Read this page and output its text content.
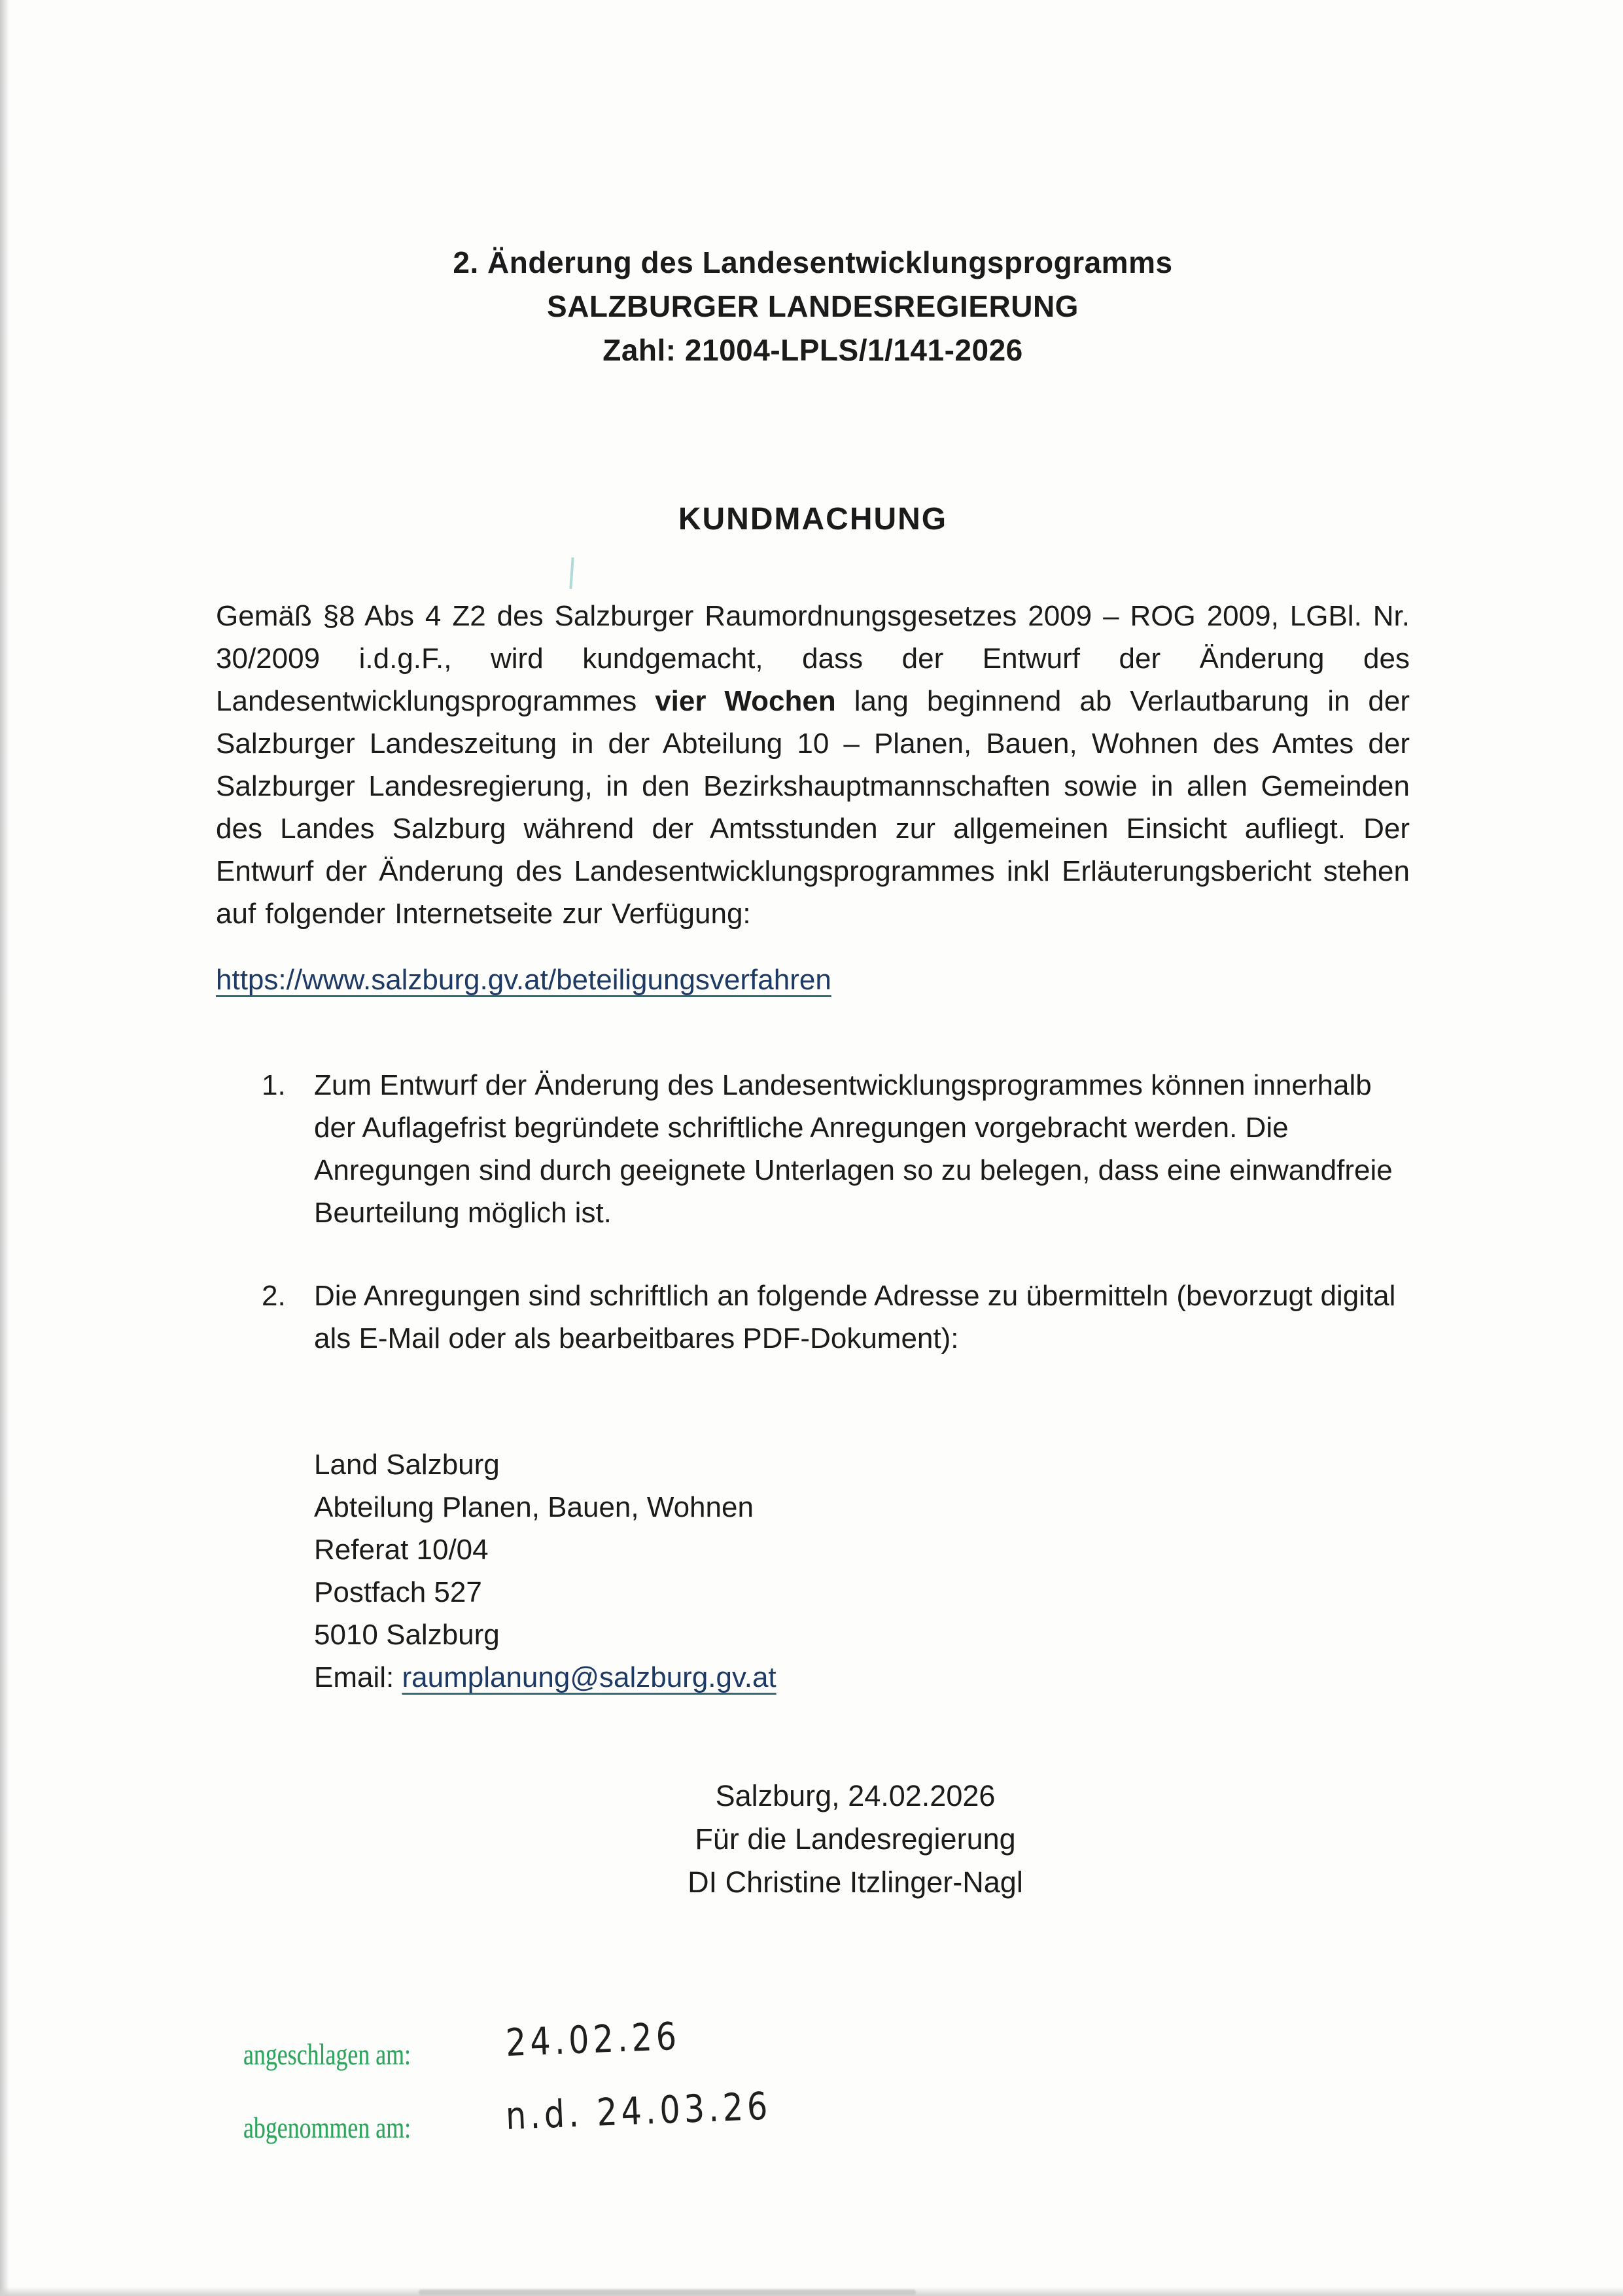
2. Änderung des Landesentwicklungsprogramms
SALZBURGER LANDESREGIERUNG
Zahl: 21004-LPLS/1/141-2026
KUNDMACHUNG

Gemäß §8 Abs 4 Z2 des Salzburger Raumordnungsgesetzes 2009 – ROG 2009, LGBl. Nr. 30/2009 i.d.g.F., wird kundgemacht, dass der Entwurf der Änderung des Landesentwicklungsprogrammes vier Wochen lang beginnend ab Verlautbarung in der Salzburger Landeszeitung in der Abteilung 10 – Planen, Bauen, Wohnen des Amtes der Salzburger Landesregierung, in den Bezirkshauptmannschaften sowie in allen Gemeinden des Landes Salzburg während der Amtsstunden zur allgemeinen Einsicht aufliegt. Der Entwurf der Änderung des Landesentwicklungsprogrammes inkl Erläuterungsbericht stehen auf folgender Internetseite zur Verfügung:

https://www.salzburg.gv.at/beteiligungsverfahren

1. Zum Entwurf der Änderung des Landesentwicklungsprogrammes können innerhalb der Auflagefrist begründete schriftliche Anregungen vorgebracht werden. Die Anregungen sind durch geeignete Unterlagen so zu belegen, dass eine einwandfreie Beurteilung möglich ist.
2. Die Anregungen sind schriftlich an folgende Adresse zu übermitteln (bevorzugt digital als E-Mail oder als bearbeitbares PDF-Dokument):
Land Salzburg
Abteilung Planen, Bauen, Wohnen
Referat 10/04
Postfach 527
5010 Salzburg
Email: raumplanung@salzburg.gv.at
Salzburg, 24.02.2026
Für die Landesregierung
DI Christine Itzlinger-Nagl
angeschlagen am:	24.02.26
abgenommen am:	n.d. 24.03.26
